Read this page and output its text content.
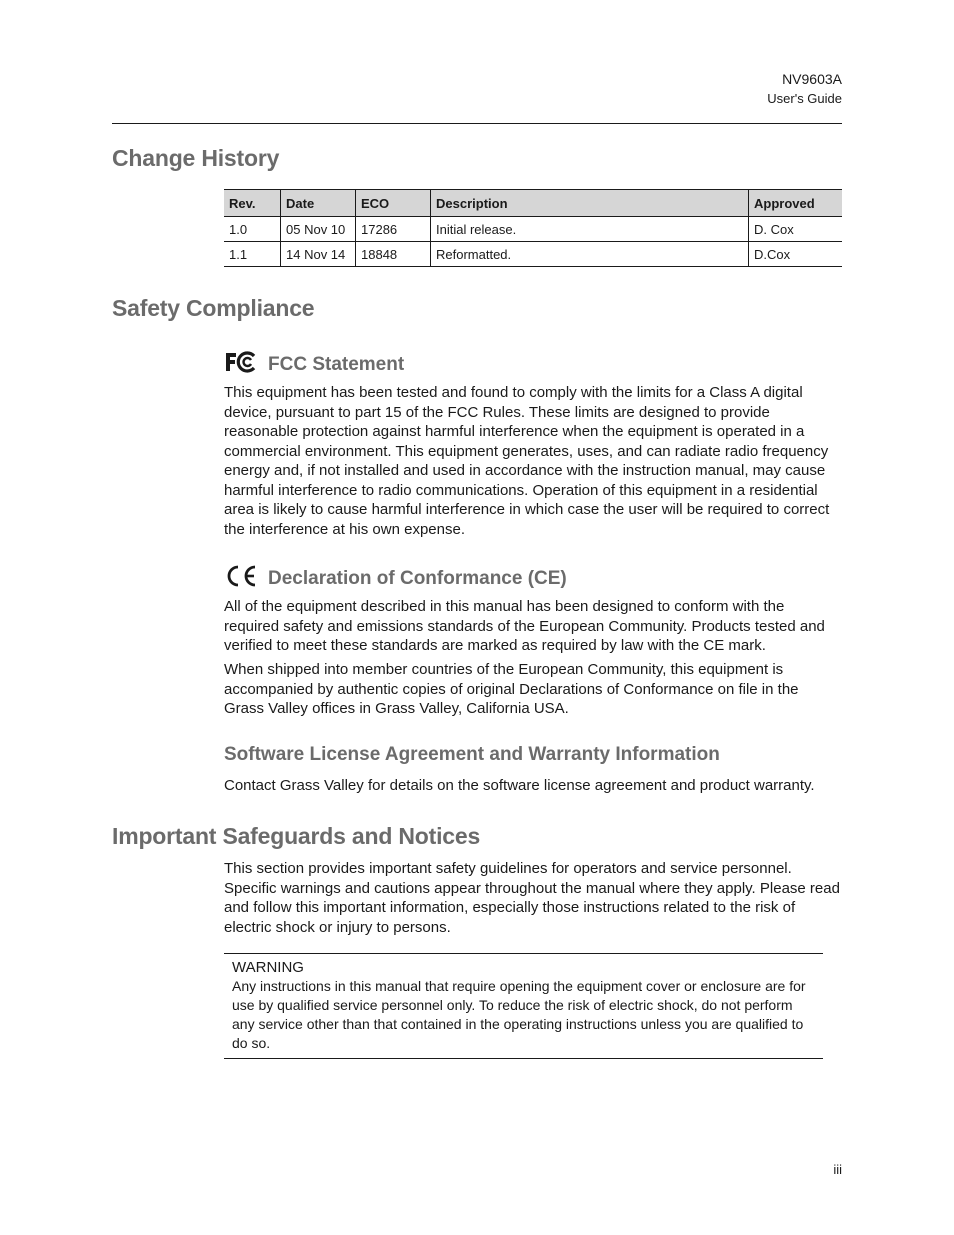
NV9603A
User's Guide
Change History
Rev.	Date	ECO	Description	Approved
1.0	05 Nov 10	17286	Initial release.	D. Cox
1.1	14 Nov 14	18848	Reformatted.	D.Cox
Safety Compliance
FCC Statement

This equipment has been tested and found to comply with the limits for a Class A digital device, pursuant to part 15 of the FCC Rules. These limits are designed to provide reasonable protection against harmful interference when the equipment is operated in a commercial environment. This equipment generates, uses, and can radiate radio frequency energy and, if not installed and used in accordance with the instruction manual, may cause harmful interference to radio communications. Operation of this equipment in a residential area is likely to cause harmful interference in which case the user will be required to correct the interference at his own expense.

Declaration of Conformance (CE)

All of the equipment described in this manual has been designed to conform with the required safety and emissions standards of the European Community. Products tested and verified to meet these standards are marked as required by law with the CE mark.

When shipped into member countries of the European Community, this equipment is accompanied by authentic copies of original Declarations of Conformance on file in the Grass Valley offices in Grass Valley, California USA.

Software License Agreement and Warranty Information

Contact Grass Valley for details on the software license agreement and product warranty.

Important Safeguards and Notices

This section provides important safety guidelines for operators and service personnel. Specific warnings and cautions appear throughout the manual where they apply. Please read and follow this important information, especially those instructions related to the risk of electric shock or injury to persons.

WARNING
Any instructions in this manual that require opening the equipment cover or enclosure are for use by qualified service personnel only. To reduce the risk of electric shock, do not perform any service other than that contained in the operating instructions unless you are qualified to do so.
iii
